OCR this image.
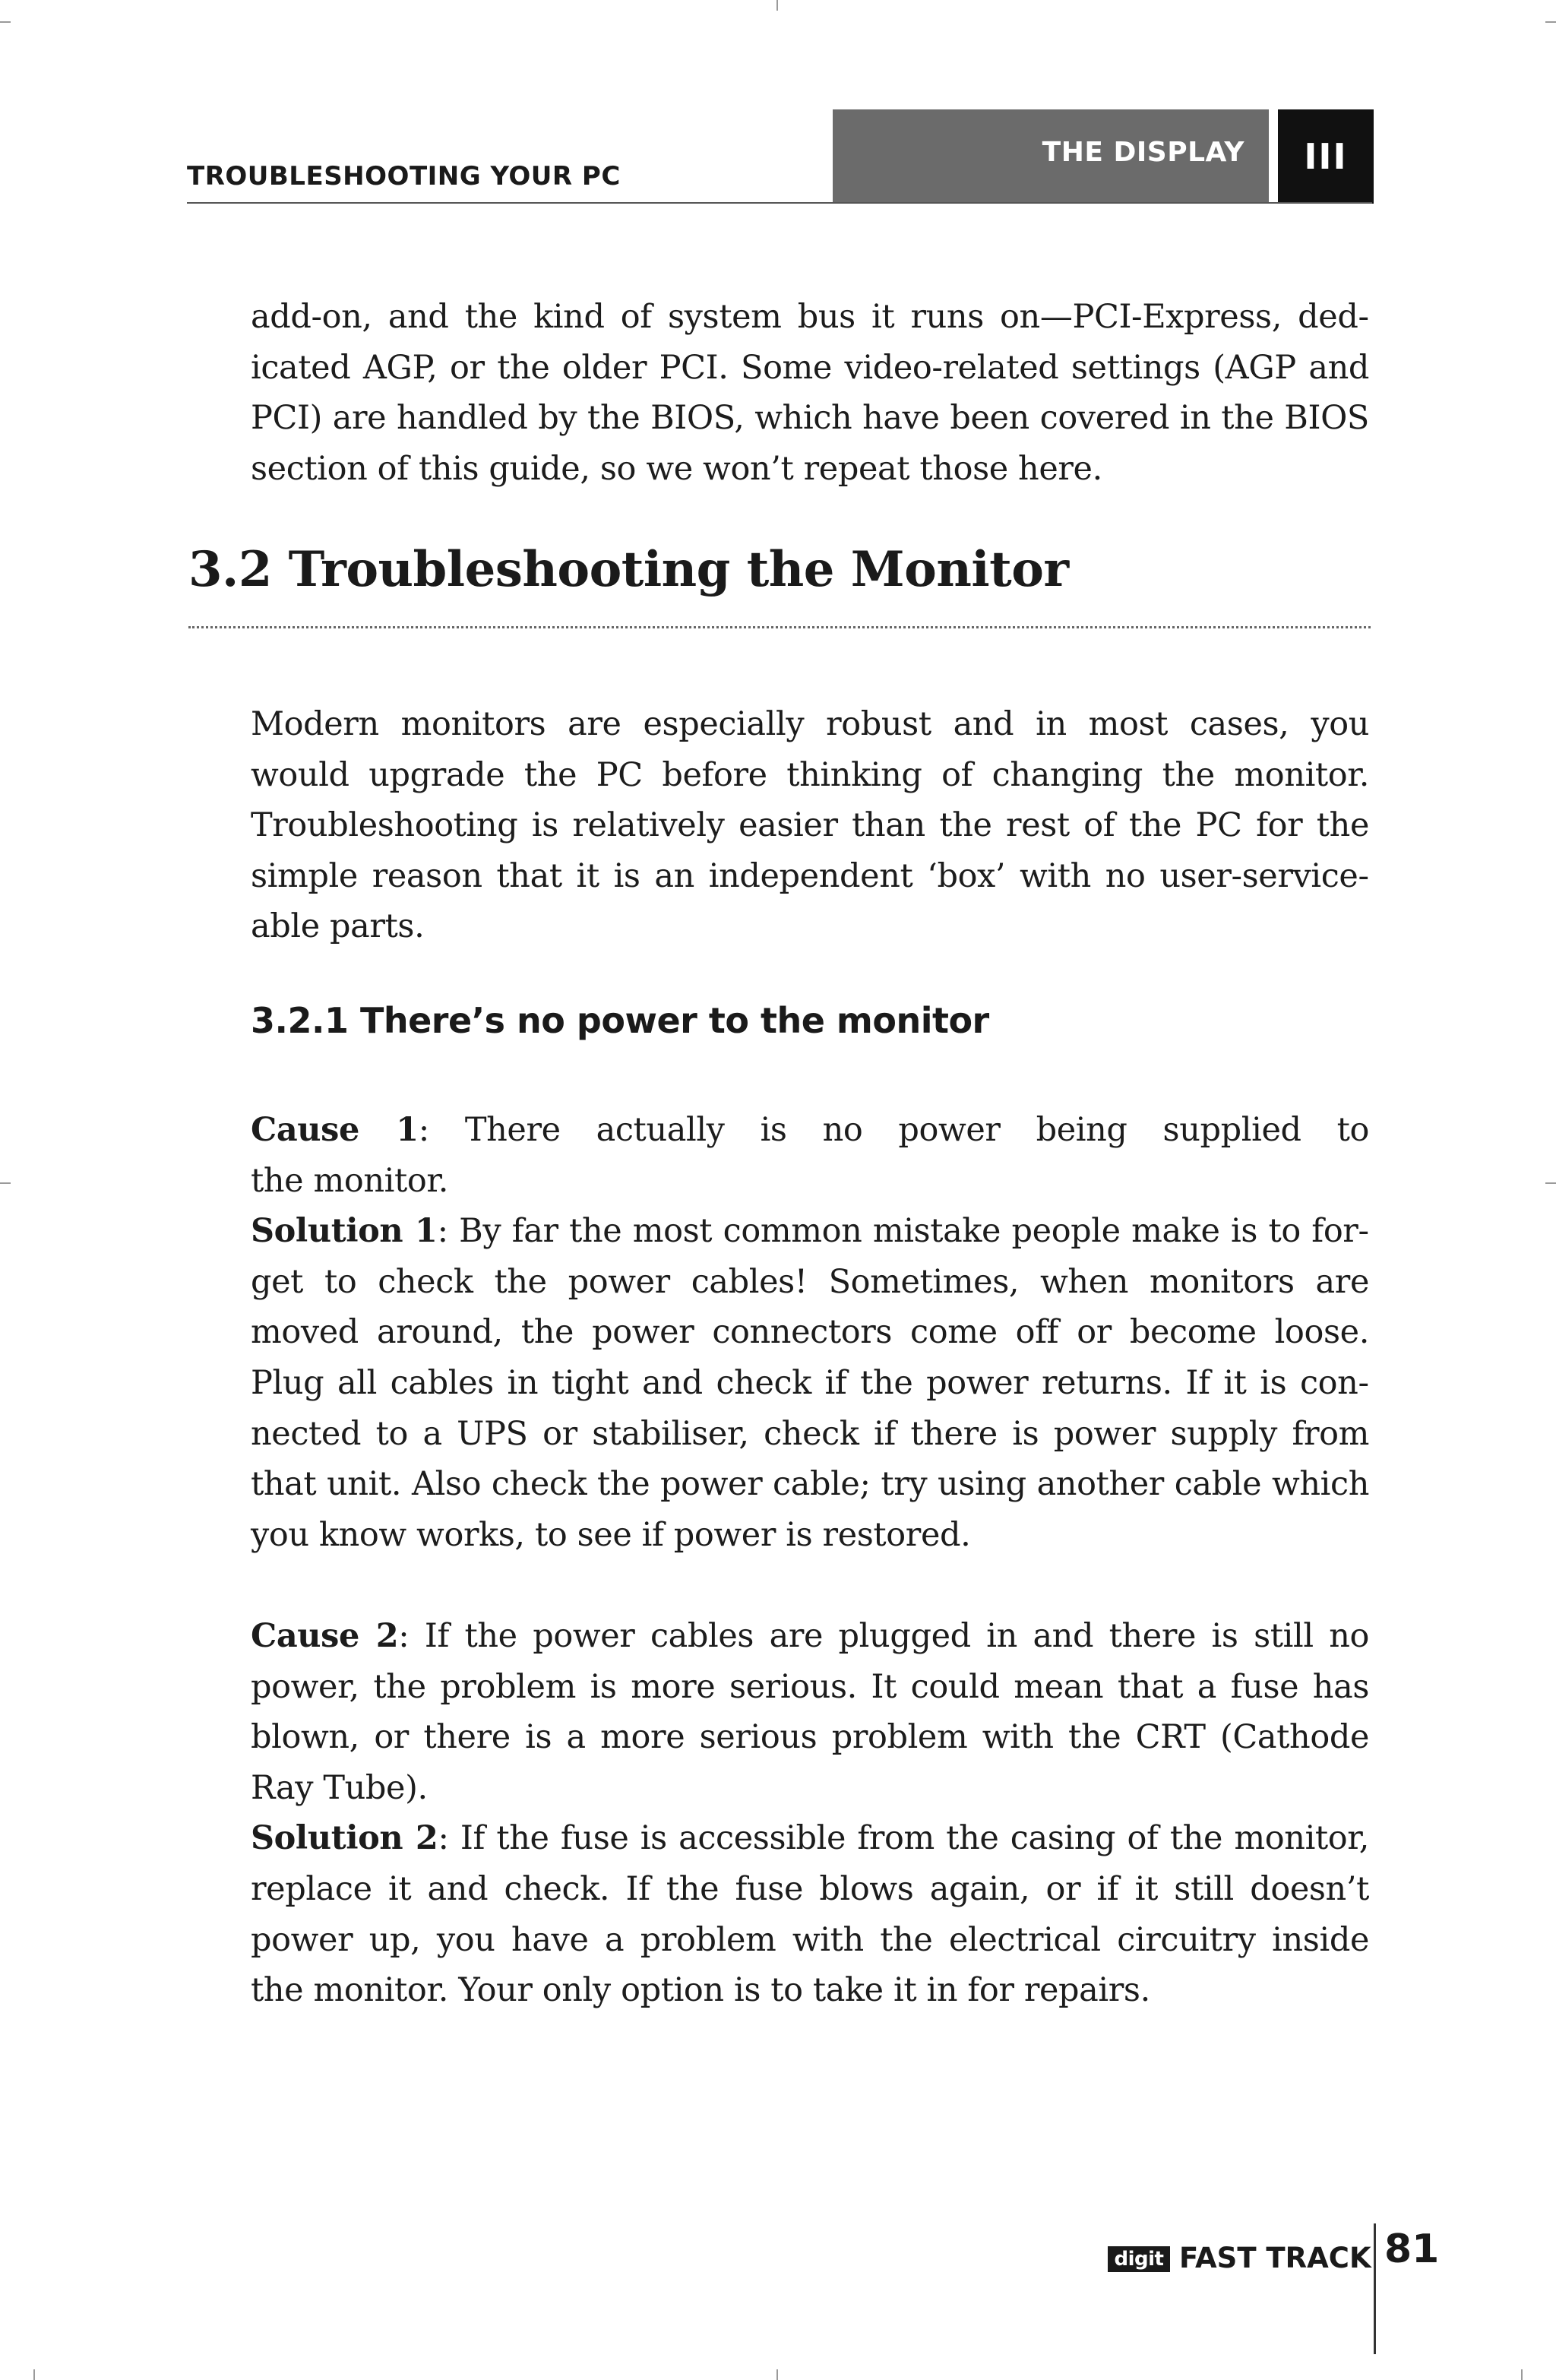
TROUBLESHOOTING YOUR PC
THE DISPLAY	III

add-on, and the kind of system bus it runs on—PCI-Express, dedicated AGP, or the older PCI. Some video-related settings (AGP and PCI) are handled by the BIOS, which have been covered in the BIOS section of this guide, so we won’t repeat those here.

3.2 Troubleshooting the Monitor

Modern monitors are especially robust and in most cases, you would upgrade the PC before thinking of changing the monitor. Troubleshooting is relatively easier than the rest of the PC for the simple reason that it is an independent ‘box’ with no user-serviceable parts.

3.2.1 There’s no power to the monitor

Cause 1: There actually is no power being supplied to
the monitor.

Solution 1: By far the most common mistake people make is to forget to check the power cables! Sometimes, when monitors are moved around, the power connectors come off or become loose. Plug all cables in tight and check if the power returns. If it is connected to a UPS or stabiliser, check if there is power supply from that unit. Also check the power cable; try using another cable which you know works, to see if power is restored.

Cause 2: If the power cables are plugged in and there is still no power, the problem is more serious. It could mean that a fuse has blown, or there is a more serious problem with the CRT (Cathode Ray Tube).

Solution 2: If the fuse is accessible from the casing of the monitor, replace it and check. If the fuse blows again, or if it still doesn’t power up, you have a problem with the electrical circuitry inside the monitor. Your only option is to take it in for repairs.

digit FAST TRACK 81
